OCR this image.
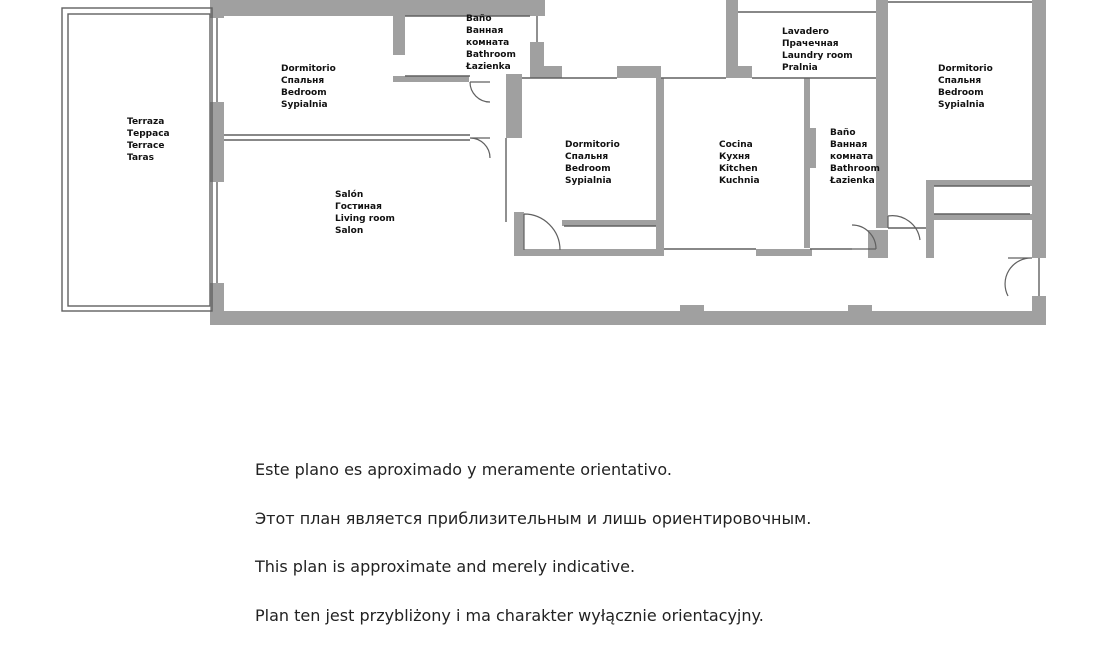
Terraza
Терраса
Terrace
Taras
Dormitorio
Спальня
Bedroom
Sypialnia
Baño
Ванная
комната
Bathroom
Łazienka
Salón
Гостиная
Living room
Salon
Dormitorio
Спальня
Bedroom
Sypialnia
Cocina
Кухня
Kitchen
Kuchnia
Lavadero
Прачечная
Laundry room
Pralnia
Baño
Ванная
комната
Bathroom
Łazienka
Dormitorio
Спальня
Bedroom
Sypialnia

Este plano es aproximado y meramente orientativo.

Этот план является приблизительным и лишь ориентировочным.

This plan is approximate and merely indicative.

Plan ten jest przybliżony i ma charakter wyłącznie orientacyjny.
